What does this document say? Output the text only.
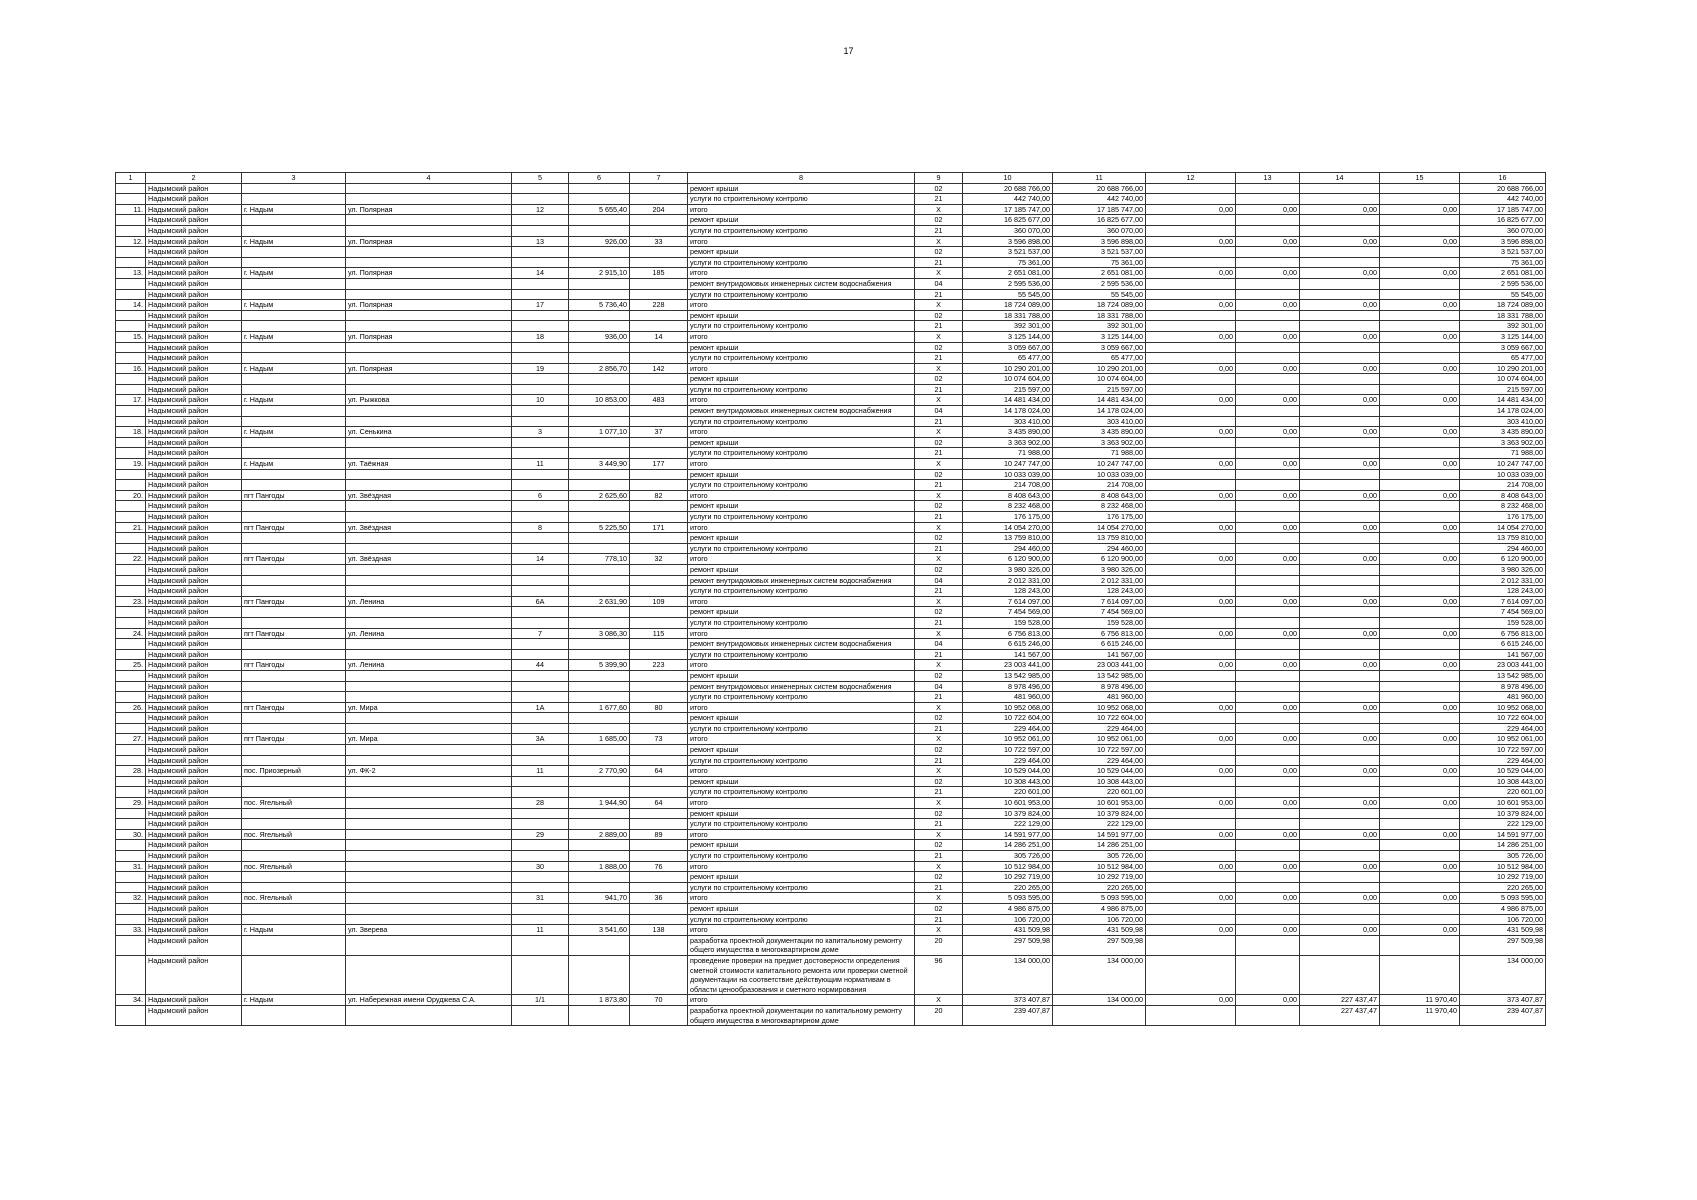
17
1	2	3	4	5	6	7	8	9	10	11	12	13	14	15	16
	Надымский район						ремонт крыши	02	20 688 766,00	20 688 766,00					20 688 766,00
	Надымский район						услуги по строительному контролю	21	442 740,00	442 740,00					442 740,00
11.	Надымский район	г. Надым	ул. Полярная	12	5 655,40	204	итого	X	17 185 747,00	17 185 747,00	0,00	0,00	0,00	0,00	17 185 747,00
	Надымский район						ремонт крыши	02	16 825 677,00	16 825 677,00					16 825 677,00
	Надымский район						услуги по строительному контролю	21	360 070,00	360 070,00					360 070,00
12.	Надымский район	г. Надым	ул. Полярная	13	926,00	33	итого	X	3 596 898,00	3 596 898,00	0,00	0,00	0,00	0,00	3 596 898,00
	Надымский район						ремонт крыши	02	3 521 537,00	3 521 537,00					3 521 537,00
	Надымский район						услуги по строительному контролю	21	75 361,00	75 361,00					75 361,00
13.	Надымский район	г. Надым	ул. Полярная	14	2 915,10	185	итого	X	2 651 081,00	2 651 081,00	0,00	0,00	0,00	0,00	2 651 081,00
	Надымский район						ремонт внутридомовых инженерных систем водоснабжения	04	2 595 536,00	2 595 536,00					2 595 536,00
	Надымский район						услуги по строительному контролю	21	55 545,00	55 545,00					55 545,00
14.	Надымский район	г. Надым	ул. Полярная	17	5 736,40	228	итого	X	18 724 089,00	18 724 089,00	0,00	0,00	0,00	0,00	18 724 089,00
	Надымский район						ремонт крыши	02	18 331 788,00	18 331 788,00					18 331 788,00
	Надымский район						услуги по строительному контролю	21	392 301,00	392 301,00					392 301,00
15.	Надымский район	г. Надым	ул. Полярная	18	936,00	14	итого	X	3 125 144,00	3 125 144,00	0,00	0,00	0,00	0,00	3 125 144,00
	Надымский район						ремонт крыши	02	3 059 667,00	3 059 667,00					3 059 667,00
	Надымский район						услуги по строительному контролю	21	65 477,00	65 477,00					65 477,00
16.	Надымский район	г. Надым	ул. Полярная	19	2 856,70	142	итого	X	10 290 201,00	10 290 201,00	0,00	0,00	0,00	0,00	10 290 201,00
	Надымский район						ремонт крыши	02	10 074 604,00	10 074 604,00					10 074 604,00
	Надымский район						услуги по строительному контролю	21	215 597,00	215 597,00					215 597,00
17.	Надымский район	г. Надым	ул. Рыжкова	10	10 853,00	483	итого	X	14 481 434,00	14 481 434,00	0,00	0,00	0,00	0,00	14 481 434,00
	Надымский район						ремонт внутридомовых инженерных систем водоснабжения	04	14 178 024,00	14 178 024,00					14 178 024,00
	Надымский район						услуги по строительному контролю	21	303 410,00	303 410,00					303 410,00
18.	Надымский район	г. Надым	ул. Сенькина	3	1 077,10	37	итого	X	3 435 890,00	3 435 890,00	0,00	0,00	0,00	0,00	3 435 890,00
	Надымский район						ремонт крыши	02	3 363 902,00	3 363 902,00					3 363 902,00
	Надымский район						услуги по строительному контролю	21	71 988,00	71 988,00					71 988,00
19.	Надымский район	г. Надым	ул. Таёжная	11	3 449,90	177	итого	X	10 247 747,00	10 247 747,00	0,00	0,00	0,00	0,00	10 247 747,00
	Надымский район						ремонт крыши	02	10 033 039,00	10 033 039,00					10 033 039,00
	Надымский район						услуги по строительному контролю	21	214 708,00	214 708,00					214 708,00
20.	Надымский район	пгт Пангоды	ул. Звёздная	6	2 625,60	82	итого	X	8 408 643,00	8 408 643,00	0,00	0,00	0,00	0,00	8 408 643,00
	Надымский район						ремонт крыши	02	8 232 468,00	8 232 468,00					8 232 468,00
	Надымский район						услуги по строительному контролю	21	176 175,00	176 175,00					176 175,00
21.	Надымский район	пгт Пангоды	ул. Звёздная	8	5 225,50	171	итого	X	14 054 270,00	14 054 270,00	0,00	0,00	0,00	0,00	14 054 270,00
	Надымский район						ремонт крыши	02	13 759 810,00	13 759 810,00					13 759 810,00
	Надымский район						услуги по строительному контролю	21	294 460,00	294 460,00					294 460,00
22.	Надымский район	пгт Пангоды	ул. Звёздная	14	778,10	32	итого	X	6 120 900,00	6 120 900,00	0,00	0,00	0,00	0,00	6 120 900,00
	Надымский район						ремонт крыши	02	3 980 326,00	3 980 326,00					3 980 326,00
	Надымский район						ремонт внутридомовых инженерных систем водоснабжения	04	2 012 331,00	2 012 331,00					2 012 331,00
	Надымский район						услуги по строительному контролю	21	128 243,00	128 243,00					128 243,00
23.	Надымский район	пгт Пангоды	ул. Ленина	6А	2 631,90	109	итого	X	7 614 097,00	7 614 097,00	0,00	0,00	0,00	0,00	7 614 097,00
	Надымский район						ремонт крыши	02	7 454 569,00	7 454 569,00					7 454 569,00
	Надымский район						услуги по строительному контролю	21	159 528,00	159 528,00					159 528,00
24.	Надымский район	пгт Пангоды	ул. Ленина	7	3 086,30	115	итого	X	6 756 813,00	6 756 813,00	0,00	0,00	0,00	0,00	6 756 813,00
	Надымский район						ремонт внутридомовых инженерных систем водоснабжения	04	6 615 246,00	6 615 246,00					6 615 246,00
	Надымский район						услуги по строительному контролю	21	141 567,00	141 567,00					141 567,00
25.	Надымский район	пгт Пангоды	ул. Ленина	44	5 399,90	223	итого	X	23 003 441,00	23 003 441,00	0,00	0,00	0,00	0,00	23 003 441,00
	Надымский район						ремонт крыши	02	13 542 985,00	13 542 985,00					13 542 985,00
	Надымский район						ремонт внутридомовых инженерных систем водоснабжения	04	8 978 496,00	8 978 496,00					8 978 496,00
	Надымский район						услуги по строительному контролю	21	481 960,00	481 960,00					481 960,00
26.	Надымский район	пгт Пангоды	ул. Мира	1А	1 677,60	80	итого	X	10 952 068,00	10 952 068,00	0,00	0,00	0,00	0,00	10 952 068,00
	Надымский район						ремонт крыши	02	10 722 604,00	10 722 604,00					10 722 604,00
	Надымский район						услуги по строительному контролю	21	229 464,00	229 464,00					229 464,00
27.	Надымский район	пгт Пангоды	ул. Мира	3А	1 685,00	73	итого	X	10 952 061,00	10 952 061,00	0,00	0,00	0,00	0,00	10 952 061,00
	Надымский район						ремонт крыши	02	10 722 597,00	10 722 597,00					10 722 597,00
	Надымский район						услуги по строительному контролю	21	229 464,00	229 464,00					229 464,00
28.	Надымский район	пос. Приозерный	ул. ФК-2	11	2 770,90	64	итого	X	10 529 044,00	10 529 044,00	0,00	0,00	0,00	0,00	10 529 044,00
	Надымский район						ремонт крыши	02	10 308 443,00	10 308 443,00					10 308 443,00
	Надымский район						услуги по строительному контролю	21	220 601,00	220 601,00					220 601,00
29.	Надымский район	пос. Ягельный		28	1 944,90	64	итого	X	10 601 953,00	10 601 953,00	0,00	0,00	0,00	0,00	10 601 953,00
	Надымский район						ремонт крыши	02	10 379 824,00	10 379 824,00					10 379 824,00
	Надымский район						услуги по строительному контролю	21	222 129,00	222 129,00					222 129,00
30.	Надымский район	пос. Ягельный		29	2 889,00	89	итого	X	14 591 977,00	14 591 977,00	0,00	0,00	0,00	0,00	14 591 977,00
	Надымский район						ремонт крыши	02	14 286 251,00	14 286 251,00					14 286 251,00
	Надымский район						услуги по строительному контролю	21	305 726,00	305 726,00					305 726,00
31.	Надымский район	пос. Ягельный		30	1 888,00	76	итого	X	10 512 984,00	10 512 984,00	0,00	0,00	0,00	0,00	10 512 984,00
	Надымский район						ремонт крыши	02	10 292 719,00	10 292 719,00					10 292 719,00
	Надымский район						услуги по строительному контролю	21	220 265,00	220 265,00					220 265,00
32.	Надымский район	пос. Ягельный		31	941,70	36	итого	X	5 093 595,00	5 093 595,00	0,00	0,00	0,00	0,00	5 093 595,00
	Надымский район						ремонт крыши	02	4 986 875,00	4 986 875,00					4 986 875,00
	Надымский район						услуги по строительному контролю	21	106 720,00	106 720,00					106 720,00
33.	Надымский район	г. Надым	ул. Зверева	11	3 541,60	138	итого	X	431 509,98	431 509,98	0,00	0,00	0,00	0,00	431 509,98
	Надымский район						разработка проектной документации по капитальному ремонту общего имущества в многоквартирном доме	20	297 509,98	297 509,98					297 509,98
	Надымский район						проведение проверки на предмет достоверности определения сметной стоимости капитального ремонта или проверки сметной документации на соответствие действующим нормативам в области ценообразования и сметного нормирования	96	134 000,00	134 000,00					134 000,00
34.	Надымский район	г. Надым	ул. Набережная имени Оруджева С.А.	1/1	1 873,80	70	итого	X	373 407,87	134 000,00	0,00	0,00	227 437,47	11 970,40	373 407,87
	Надымский район						разработка проектной документации по капитальному ремонту общего имущества в многоквартирном доме	20	239 407,87				227 437,47	11 970,40	239 407,87
